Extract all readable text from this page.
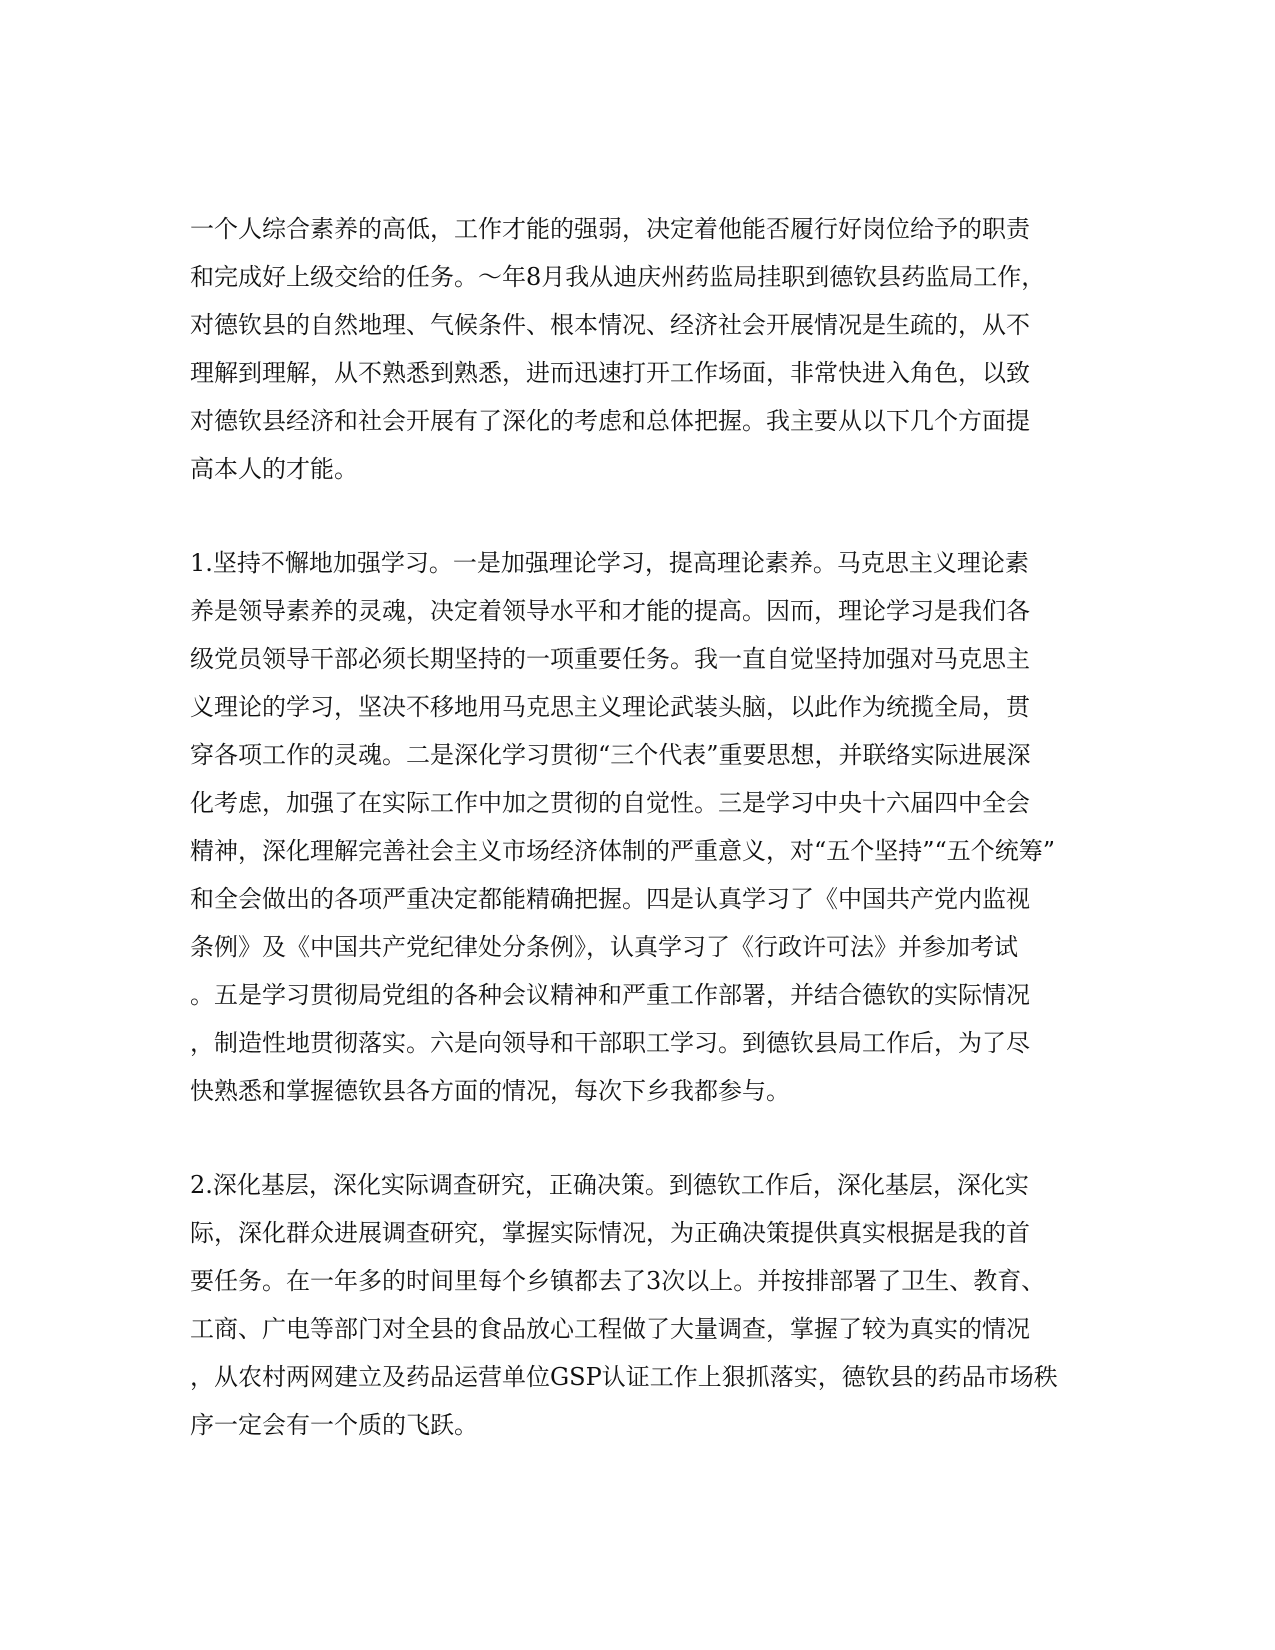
一个人综合素养的高低，工作才能的强弱，决定着他能否履行好岗位给予的职责
和完成好上级交给的任务。～年8月我从迪庆州药监局挂职到德钦县药监局工作，
对德钦县的自然地理、气候条件、根本情况、经济社会开展情况是生疏的，从不
理解到理解，从不熟悉到熟悉，进而迅速打开工作场面，非常快进入角色，以致
对德钦县经济和社会开展有了深化的考虑和总体把握。我主要从以下几个方面提
高本人的才能。
1.坚持不懈地加强学习。一是加强理论学习，提高理论素养。马克思主义理论素
养是领导素养的灵魂，决定着领导水平和才能的提高。因而，理论学习是我们各
级党员领导干部必须长期坚持的一项重要任务。我一直自觉坚持加强对马克思主
义理论的学习，坚决不移地用马克思主义理论武装头脑，以此作为统揽全局，贯
穿各项工作的灵魂。二是深化学习贯彻“三个代表”重要思想，并联络实际进展深
化考虑，加强了在实际工作中加之贯彻的自觉性。三是学习中央十六届四中全会
精神，深化理解完善社会主义市场经济体制的严重意义，对“五个坚持”“五个统筹”
和全会做出的各项严重决定都能精确把握。四是认真学习了《中国共产党内监视
条例》及《中国共产党纪律处分条例》，认真学习了《行政许可法》并参加考试
。五是学习贯彻局党组的各种会议精神和严重工作部署，并结合德钦的实际情况
，制造性地贯彻落实。六是向领导和干部职工学习。到德钦县局工作后，为了尽
快熟悉和掌握德钦县各方面的情况，每次下乡我都参与。
2.深化基层，深化实际调查研究，正确决策。到德钦工作后，深化基层，深化实
际，深化群众进展调查研究，掌握实际情况，为正确决策提供真实根据是我的首
要任务。在一年多的时间里每个乡镇都去了3次以上。并按排部署了卫生、教育、
工商、广电等部门对全县的食品放心工程做了大量调查，掌握了较为真实的情况
，从农村两网建立及药品运营单位GSP认证工作上狠抓落实，德钦县的药品市场秩
序一定会有一个质的飞跃。
